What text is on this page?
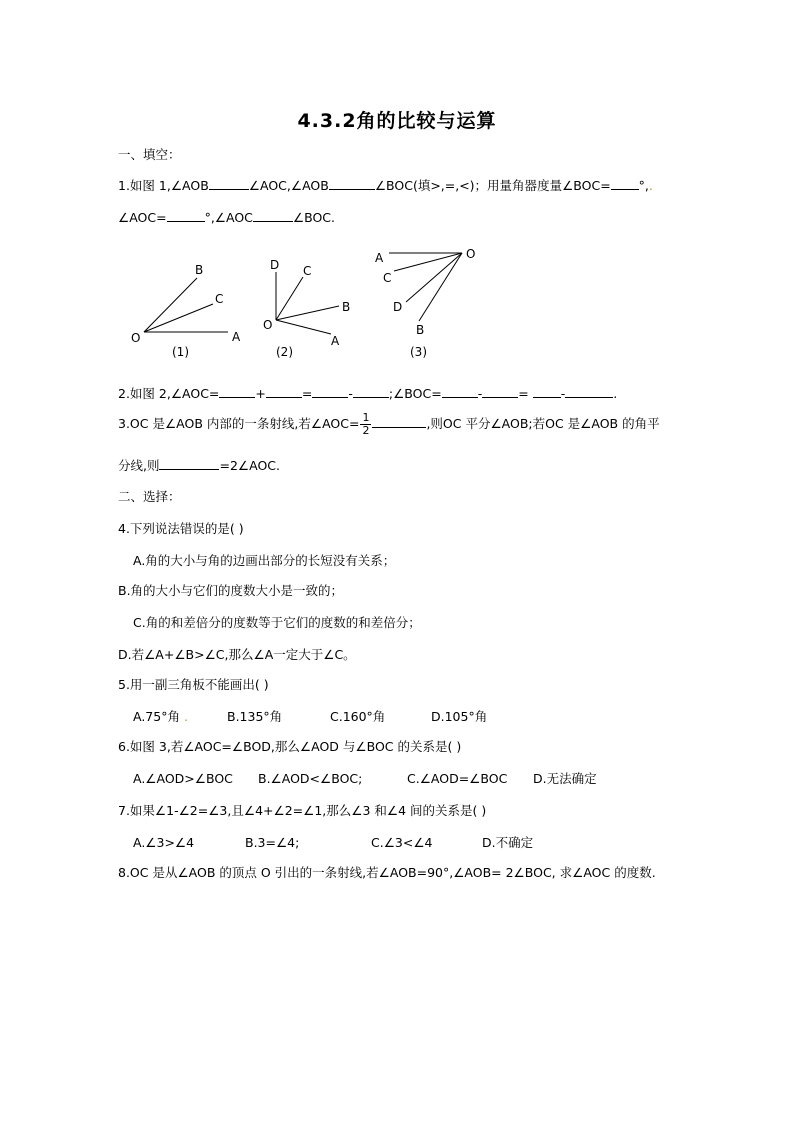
4.3.2角的比较与运算
一、填空：
1.如图 1,∠AOB	∠AOC,∠AOB	∠BOC(填>,=,<)；用量角器度量∠BOC= °,.
∠AOC=	°,∠AOC	∠BOC.
O	A
B
C
(1)
D C
O
B
A
(2)
A
C
O
D
B
(3)
2.如图 2,∠AOC=	+	=	-	;∠BOC=	-	=	-	.
3.OC 是∠AOB 内部的一条射线,若∠AOC= $\frac{1}{2}$	,则OC 平分∠AOB;若OC 是∠AOB 的角平
分线,则	=2∠AOC.
二、选择：
4.下列说法错误的是( )
A.角的大小与角的边画出部分的长短没有关系；
B.角的大小与它们的度数大小是一致的；
C.角的和差倍分的度数等于它们的度数的和差倍分；
D.若∠A+∠B>∠C,那么∠A一定大于∠C。
5.用一副三角板不能画出( )
A.75°角 .	B.135°角	C.160°角	D.105°角
6.如图 3,若∠AOC=∠BOD,那么∠AOD 与∠BOC 的关系是( )
A.∠AOD>∠BOC B.∠AOD<∠BOC;	C.∠AOD=∠BOC D.无法确定
7.如果∠1-∠2=∠3,且∠4+∠2=∠1,那么∠3 和∠4 间的关系是( )
A.∠3>∠4	B.3=∠4;	C.∠3<∠4	D.不确定
8.OC 是从∠AOB 的顶点 O 引出的一条射线,若∠AOB=90°,∠AOB= 2∠BOC, 求∠AOC 的度数.
